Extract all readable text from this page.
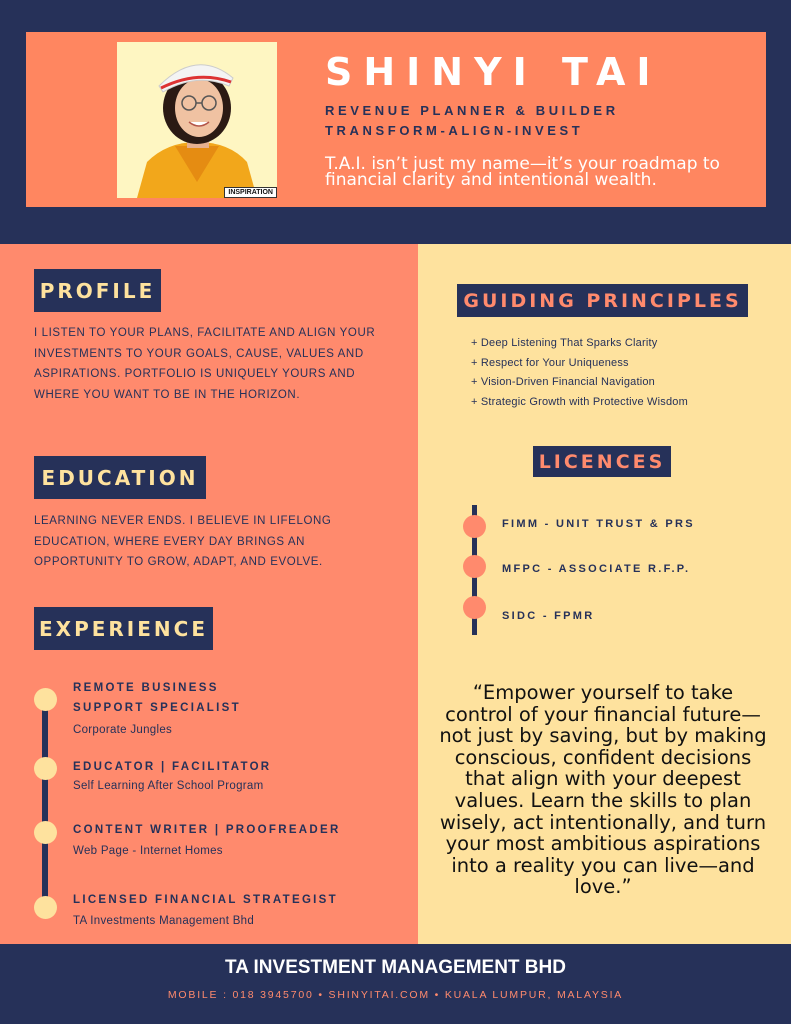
INSPIRATION
SHINYI TAI
REVENUE PLANNER & BUILDER
TRANSFORM-ALIGN-INVEST
T.A.I. isn’t just my name—it’s your roadmap to financial clarity and intentional wealth.
PROFILE
I LISTEN TO YOUR PLANS, FACILITATE AND ALIGN YOUR INVESTMENTS TO YOUR GOALS, CAUSE, VALUES AND ASPIRATIONS. PORTFOLIO IS UNIQUELY YOURS AND WHERE YOU WANT TO BE IN THE HORIZON.
EDUCATION
LEARNING NEVER ENDS. I BELIEVE IN LIFELONG EDUCATION, WHERE EVERY DAY BRINGS AN OPPORTUNITY TO GROW, ADAPT, AND EVOLVE.
EXPERIENCE
REMOTE BUSINESS SUPPORT SPECIALIST
Corporate Jungles
EDUCATOR | FACILITATOR
Self Learning After School Program
CONTENT WRITER | PROOFREADER
Web Page - Internet Homes
LICENSED FINANCIAL STRATEGIST
TA Investments Management Bhd
GUIDING PRINCIPLES
+ Deep Listening That Sparks Clarity
+ Respect for Your Uniqueness
+ Vision-Driven Financial Navigation
+ Strategic Growth with Protective Wisdom
LICENCES
FIMM - UNIT TRUST & PRS
MFPC - ASSOCIATE R.F.P.
SIDC - FPMR
“Empower yourself to take control of your financial future—not just by saving, but by making conscious, confident decisions that align with your deepest values. Learn the skills to plan wisely, act intentionally, and turn your most ambitious aspirations into a reality you can live—and love.”
TA INVESTMENT MANAGEMENT BHD
MOBILE : 018 3945700 • SHINYITAI.COM • KUALA LUMPUR, MALAYSIA
